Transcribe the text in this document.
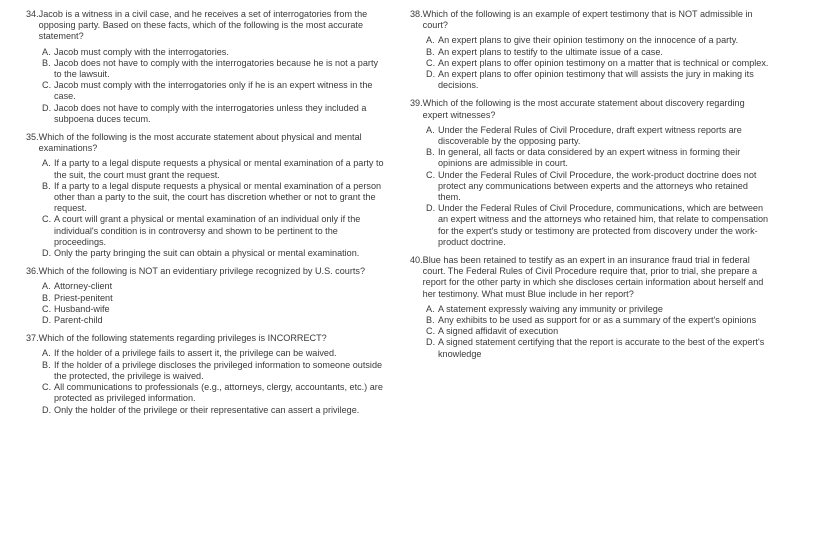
34. Jacob is a witness in a civil case, and he receives a set of interrogatories from the opposing party. Based on these facts, which of the following is the most accurate statement?
A. Jacob must comply with the interrogatories.
B. Jacob does not have to comply with the interrogatories because he is not a party to the lawsuit.
C. Jacob must comply with the interrogatories only if he is an expert witness in the case.
D. Jacob does not have to comply with the interrogatories unless they included a subpoena duces tecum.
35. Which of the following is the most accurate statement about physical and mental examinations?
A. If a party to a legal dispute requests a physical or mental examination of a party to the suit, the court must grant the request.
B. If a party to a legal dispute requests a physical or mental examination of a person other than a party to the suit, the court has discretion whether or not to grant the request.
C. A court will grant a physical or mental examination of an individual only if the individual's condition is in controversy and shown to be pertinent to the proceedings.
D. Only the party bringing the suit can obtain a physical or mental examination.
36. Which of the following is NOT an evidentiary privilege recognized by U.S. courts?
A. Attorney-client
B. Priest-penitent
C. Husband-wife
D. Parent-child
37. Which of the following statements regarding privileges is INCORRECT?
A. If the holder of a privilege fails to assert it, the privilege can be waived.
B. If the holder of a privilege discloses the privileged information to someone outside the protected, the privilege is waived.
C. All communications to professionals (e.g., attorneys, clergy, accountants, etc.) are protected as privileged information.
D. Only the holder of the privilege or their representative can assert a privilege.
38. Which of the following is an example of expert testimony that is NOT admissible in court?
A. An expert plans to give their opinion testimony on the innocence of a party.
B. An expert plans to testify to the ultimate issue of a case.
C. An expert plans to offer opinion testimony on a matter that is technical or complex.
D. An expert plans to offer opinion testimony that will assists the jury in making its decisions.
39. Which of the following is the most accurate statement about discovery regarding expert witnesses?
A. Under the Federal Rules of Civil Procedure, draft expert witness reports are discoverable by the opposing party.
B. In general, all facts or data considered by an expert witness in forming their opinions are admissible in court.
C. Under the Federal Rules of Civil Procedure, the work-product doctrine does not protect any communications between experts and the attorneys who retained them.
D. Under the Federal Rules of Civil Procedure, communications, which are between an expert witness and the attorneys who retained him, that relate to compensation for the expert's study or testimony are protected from discovery under the work-product doctrine.
40. Blue has been retained to testify as an expert in an insurance fraud trial in federal court. The Federal Rules of Civil Procedure require that, prior to trial, she prepare a report for the other party in which she discloses certain information about herself and her testimony. What must Blue include in her report?
A. A statement expressly waiving any immunity or privilege
B. Any exhibits to be used as support for or as a summary of the expert's opinions
C. A signed affidavit of execution
D. A signed statement certifying that the report is accurate to the best of the expert's knowledge
